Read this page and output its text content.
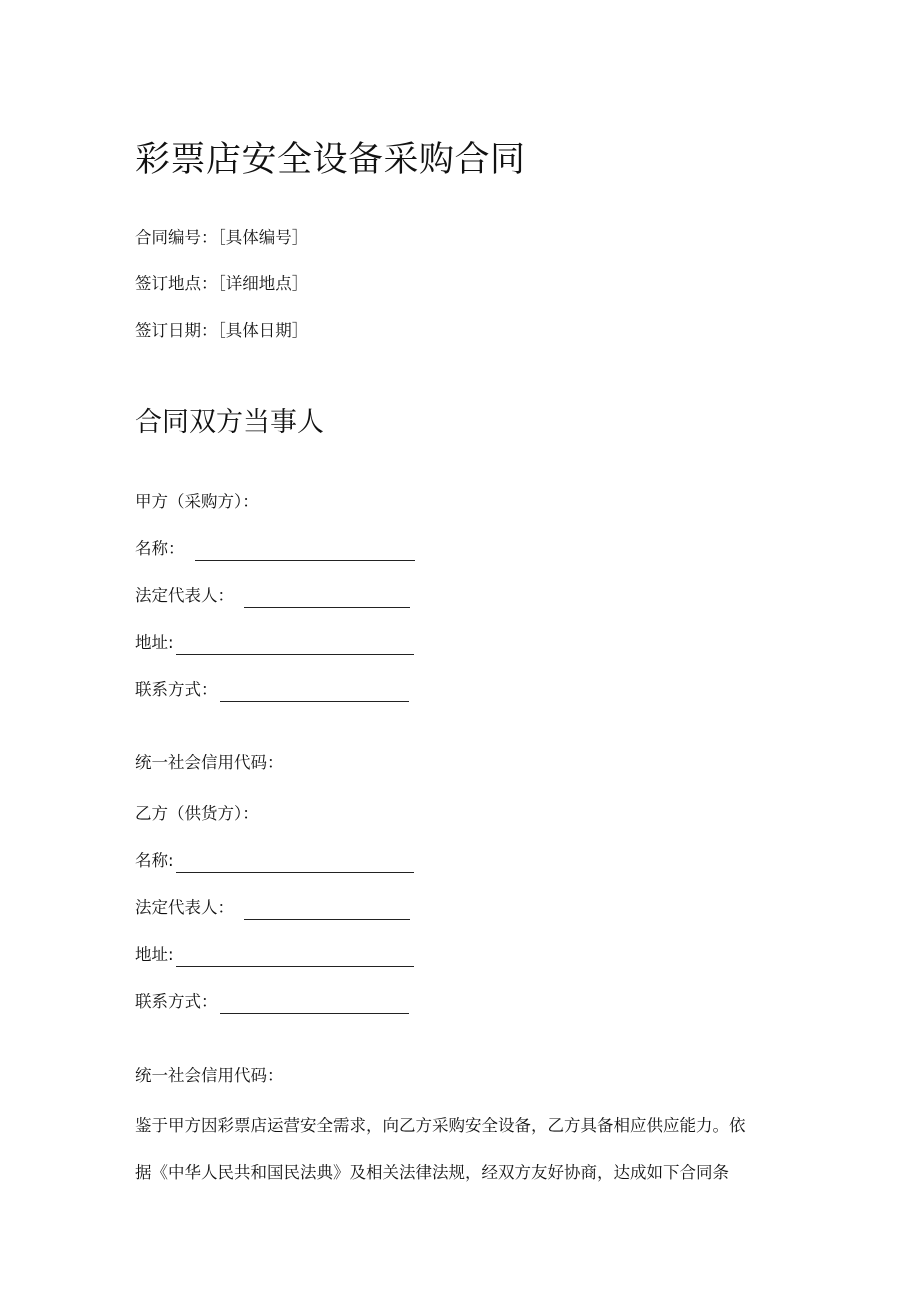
彩票店安全设备采购合同
合同编号：［具体编号］
签订地点：［详细地点］
签订日期：［具体日期］
合同双方当事人
甲方（采购方）：
名称：
法定代表人：
地址:
联系方式：
统一社会信用代码：
乙方（供货方）：
名称:
法定代表人：
地址:
联系方式：
统一社会信用代码：
鉴于甲方因彩票店运营安全需求，向乙方采购安全设备，乙方具备相应供应能力。依
据《中华人民共和国民法典》及相关法律法规，经双方友好协商，达成如下合同条
